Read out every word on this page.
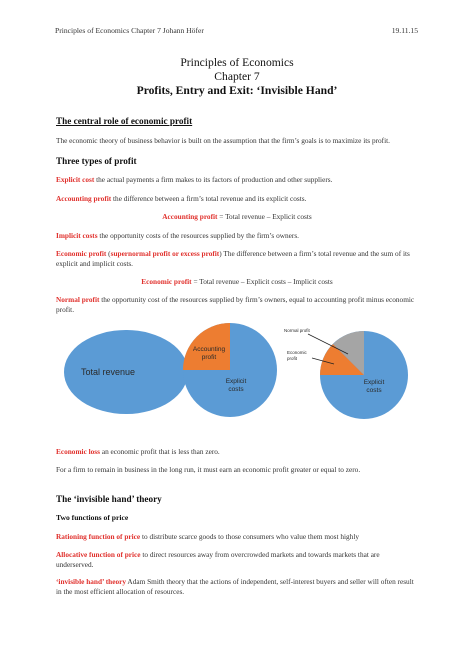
Principles of Economics Chapter 7 Johann Höfer	19.11.15
Principles of Economics
Chapter 7
Profits, Entry and Exit: ‘Invisible Hand’
The central role of economic profit
The economic theory of business behavior is built on the assumption that the firm’s goals is to maximize its profit.
Three types of profit
Explicit cost the actual payments a firm makes to its factors of production and other suppliers.
Accounting profit the difference between a firm’s total revenue and its explicit costs.
Accounting profit = Total revenue – Explicit costs
Implicit costs the opportunity costs of the resources supplied by the firm’s owners.
Economic profit (supernormal profit or excess profit) The difference between a firm’s total revenue and the sum of its explicit and implicit costs.
Economic profit = Total revenue – Explicit costs – Implicit costs
Normal profit the opportunity cost of the resources supplied by firm’s owners, equal to accounting profit minus economic profit.
Total revenue
Accounting
profit
Explicit
costs
Normal profit
Economic
profit
Explicit
costs
Economic loss an economic profit that is less than zero.
For a firm to remain in business in the long run, it must earn an economic profit greater or equal to zero.
The ‘invisible hand’ theory
Two functions of price
Rationing function of price to distribute scarce goods to those consumers who value them most highly
Allocative function of price to direct resources away from overcrowded markets and towards markets that are underserved.
‘invisible hand’ theory Adam Smith theory that the actions of independent, self-interest buyers and seller will often result in the most efficient allocation of resources.
